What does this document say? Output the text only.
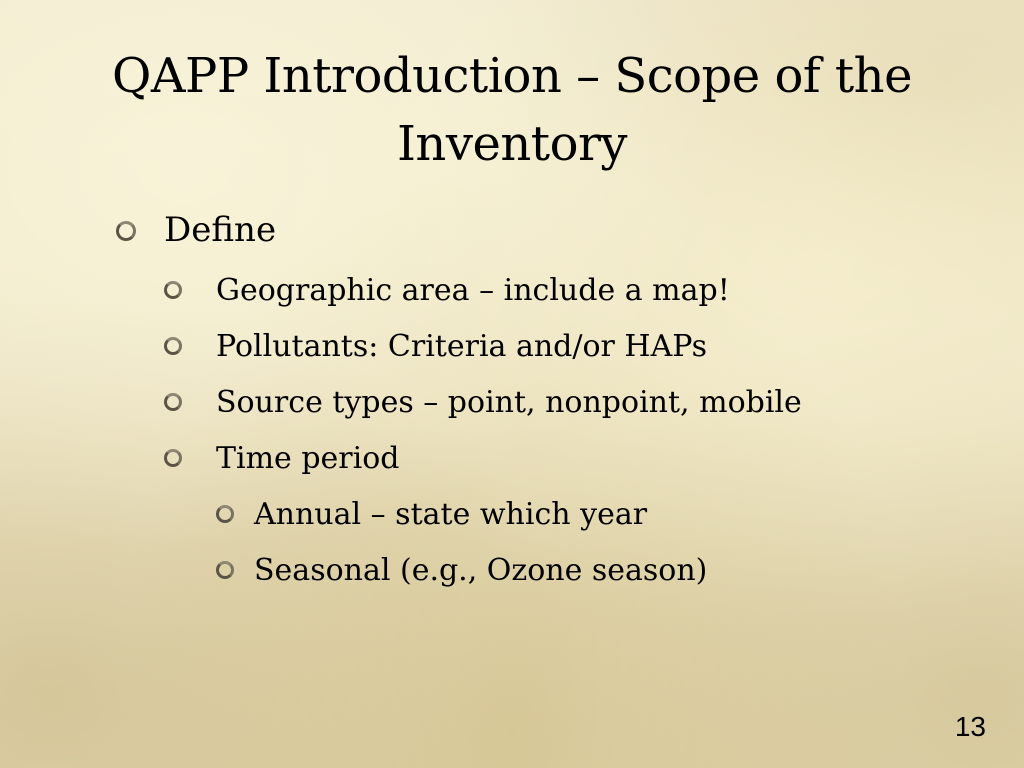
QAPP Introduction – Scope of the Inventory
Define
Geographic area – include a map!
Pollutants: Criteria and/or HAPs
Source types – point, nonpoint, mobile
Time period
Annual – state which year
Seasonal (e.g., Ozone season)
13
